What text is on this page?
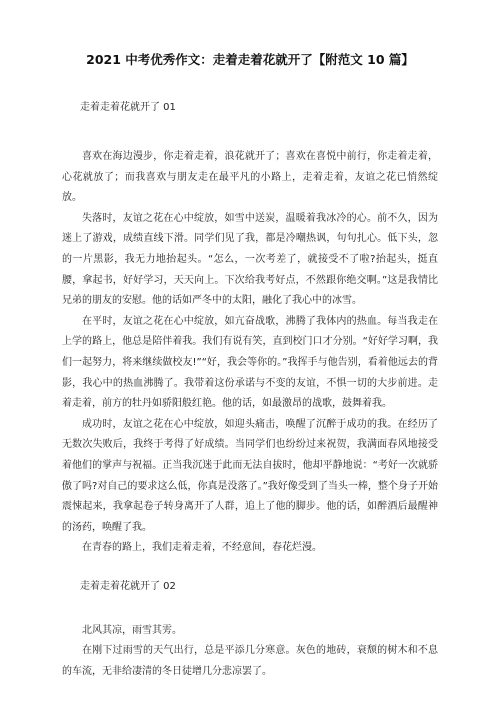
2021 中考优秀作文：走着走着花就开了【附范文 10 篇】
走着走着花就开了 01

喜欢在海边漫步，你走着走着，浪花就开了；喜欢在喜悦中前行，你走着走着，心花就放了；而我喜欢与朋友走在最平凡的小路上，走着走着，友谊之花已悄然绽放。

失落时，友谊之花在心中绽放，如雪中送炭，温暖着我冰冷的心。前不久，因为迷上了游戏，成绩直线下滑。同学们见了我，都是冷嘲热讽，句句扎心。低下头，忽的一片黑影，我无力地抬起头。“怎么，一次考差了，就接受不了啦?抬起头，挺直腰，拿起书，好好学习，天天向上。下次给我考好点，不然跟你绝交啊。”这是我情比兄弟的朋友的安慰。他的话如严冬中的太阳，融化了我心中的冰雪。

在平时，友谊之花在心中绽放，如亢奋战歌，沸腾了我体内的热血。每当我走在上学的路上，他总是陪伴着我。我们有说有笑，直到校门口才分别。“好好学习啊，我们一起努力，将来继续做校友!”“好，我会等你的。”我挥手与他告别，看着他远去的背影，我心中的热血沸腾了。我带着这份承诺与不变的友谊，不惧一切的大步前进。走着走着，前方的牡丹如骄阳般红艳。他的话，如最激昂的战歌，鼓舞着我。

成功时，友谊之花在心中绽放，如迎头痛击，唤醒了沉醉于成功的我。在经历了无数次失败后，我终于考得了好成绩。当同学们也纷纷过来祝贺，我满面春风地接受着他们的掌声与祝福。正当我沉迷于此而无法自拔时，他却平静地说：“考好一次就骄傲了吗?对自己的要求这么低，你真是没落了。”我好像受到了当头一棒，整个身子开始震悚起来，我拿起卷子转身离开了人群，追上了他的脚步。他的话，如醉酒后最醒神的汤药，唤醒了我。

在青春的路上，我们走着走着，不经意间，春花烂漫。

走着走着花就开了 02

北风其凉，雨雪其雱。

在刚下过雨雪的天气出行，总是平添几分寒意。灰色的地砖，衰颓的树木和不息的车流，无非给凄清的冬日徒增几分悲凉罢了。
